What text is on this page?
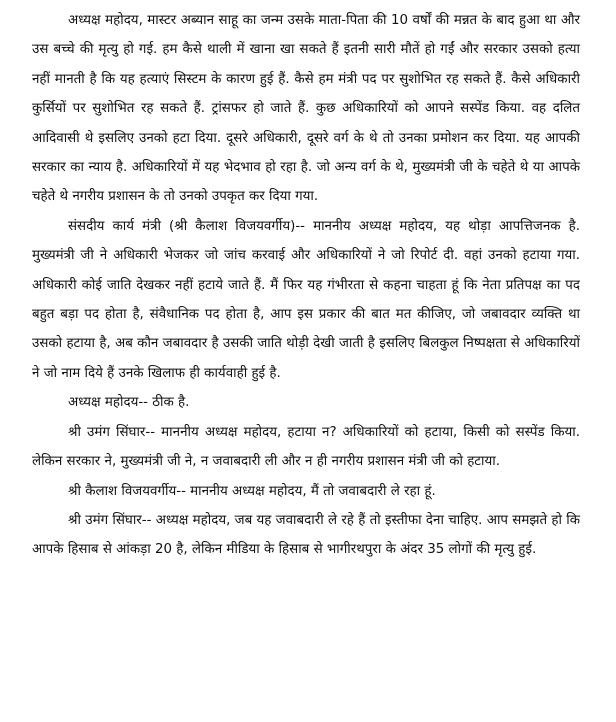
अध्यक्ष महोदय, मास्टर अब्यान साहू का जन्म उसके माता-पिता की 10 वर्षों की मन्नत के बाद हुआ था और उस बच्चे की मृत्यु हो गई. हम कैसे थाली में खाना खा सकते हैं इतनी सारी मौतें हो गईं और सरकार उसको हत्या नहीं मानती है कि यह हत्याएं सिस्टम के कारण हुई हैं. कैसे हम मंत्री पद पर सुशोभित रह सकते हैं. कैसे अधिकारी कुर्सियों पर सुशोभित रह सकते हैं. ट्रांसफर हो जाते हैं. कुछ अधिकारियों को आपने सस्पेंड किया. वह दलित आदिवासी थे इसलिए उनको हटा दिया. दूसरे अधिकारी, दूसरे वर्ग के थे तो उनका प्रमोशन कर दिया. यह आपकी सरकार का न्याय है. अधिकारियों में यह भेदभाव हो रहा है. जो अन्य वर्ग के थे, मुख्यमंत्री जी के चहेते थे या आपके चहेते थे नगरीय प्रशासन के तो उनको उपकृत कर दिया गया.

संसदीय कार्य मंत्री (श्री कैलाश विजयवर्गीय)-- माननीय अध्यक्ष महोदय, यह थोड़ा आपत्तिजनक है. मुख्यमंत्री जी ने अधिकारी भेजकर जो जांच करवाई और अधिकारियों ने जो रिपोर्ट दी. वहां उनको हटाया गया. अधिकारी कोई जाति देखकर नहीं हटाये जाते हैं. मैं फिर यह गंभीरता से कहना चाहता हूं कि नेता प्रतिपक्ष का पद बहुत बड़ा पद होता है, संवैधानिक पद होता है, आप इस प्रकार की बात मत कीजिए, जो जबावदार व्यक्ति था उसको हटाया है, अब कौन जबावदार है उसकी जाति थोड़ी देखी जाती है इसलिए बिलकुल निष्पक्षता से अधिकारियों ने जो नाम दिये हैं उनके खिलाफ ही कार्यवाही हुई है.

अध्यक्ष महोदय-- ठीक है.

श्री उमंग सिंघार-- माननीय अध्यक्ष महोदय, हटाया न? अधिकारियों को हटाया, किसी को सस्पेंड किया. लेकिन सरकार ने, मुख्यमंत्री जी ने, न जवाबदारी ली और न ही नगरीय प्रशासन मंत्री जी को हटाया.

श्री कैलाश विजयवर्गीय-- माननीय अध्यक्ष महोदय, मैं तो जवाबदारी ले रहा हूं.

श्री उमंग सिंघार-- अध्यक्ष महोदय, जब यह जवाबदारी ले रहे हैं तो इस्तीफा देना चाहिए. आप समझते हो कि आपके हिसाब से आंकड़ा 20 है, लेकिन मीडिया के हिसाब से भागीरथपुरा के अंदर 35 लोगों की मृत्यु हुई.
